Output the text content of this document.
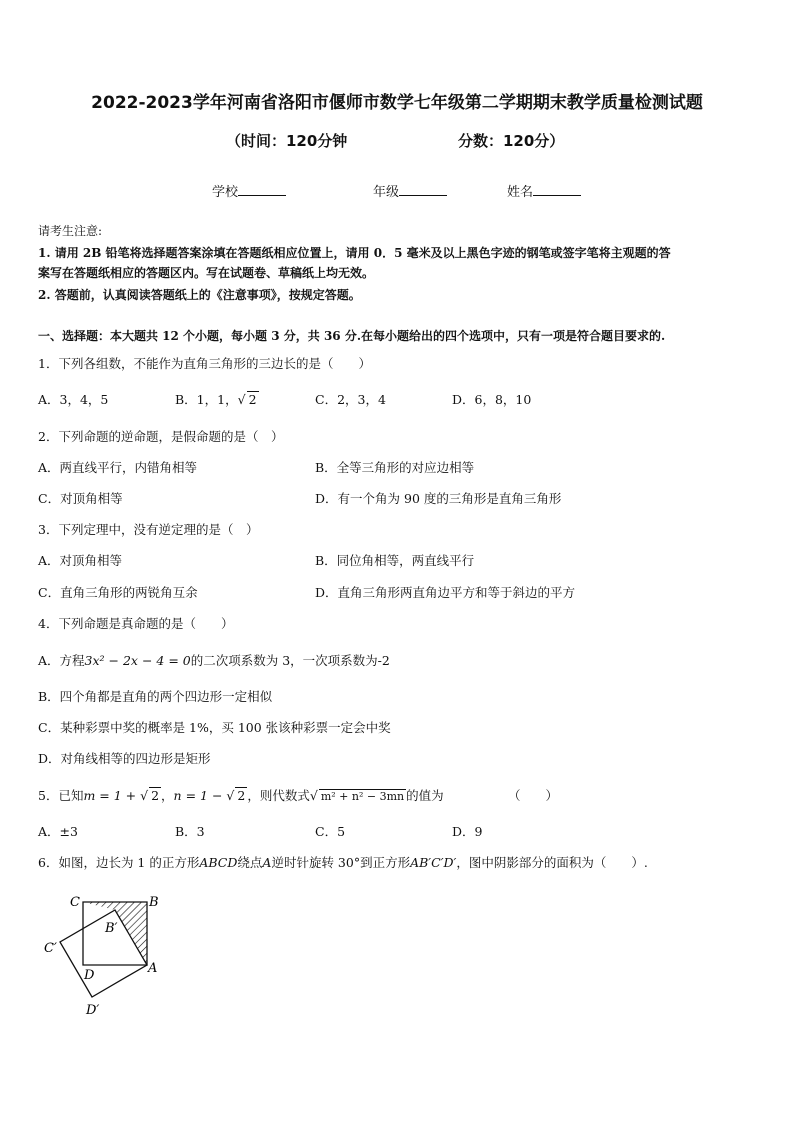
2022-2023学年河南省洛阳市偃师市数学七年级第二学期期末教学质量检测试题
（时间：120分钟	分数：120分）
学校	年级	姓名
请考生注意:
1. 请用 2B 铅笔将选择题答案涂填在答题纸相应位置上，请用 0．5 毫米及以上黑色字迹的钢笔或签字笔将主观题的答
案写在答题纸相应的答题区内。写在试题卷、草稿纸上均无效。
2. 答题前，认真阅读答题纸上的《注意事项》，按规定答题。
一、选择题：本大题共 12 个小题，每小题 3 分，共 36 分.在每小题给出的四个选项中，只有一项是符合题目要求的.
1．下列各组数，不能作为直角三角形的三边长的是（　　）
A．3，4，5	B．1，1，√ 2	C．2，3，4	D．6，8，10
2．下列命题的逆命题，是假命题的是（　）
A．两直线平行，内错角相等	B．全等三角形的对应边相等
C．对顶角相等	D．有一个角为 90 度的三角形是直角三角形
3．下列定理中，没有逆定理的是（　）
A．对顶角相等	B．同位角相等，两直线平行
C．直角三角形的两锐角互余	D．直角三角形两直角边平方和等于斜边的平方
4．下列命题是真命题的是（　　）
A．方程3x² − 2x − 4 = 0的二次项系数为 3，一次项系数为-2
B．四个角都是直角的两个四边形一定相似
C．某种彩票中奖的概率是 1%，买 100 张该种彩票一定会中奖
D．对角线相等的四边形是矩形
5．已知m = 1 + √ 2 ，n = 1 − √ 2 ，则代数式√ m² + n² − 3mn 的值为	（　　）
A．±3	B．3	C．5	D．9
6．如图，边长为 1 的正方形ABCD绕点A逆时针旋转 30°到正方形AB′C′D′，图中阴影部分的面积为（　　）.
C	B
B′
C′
D	A
D′
